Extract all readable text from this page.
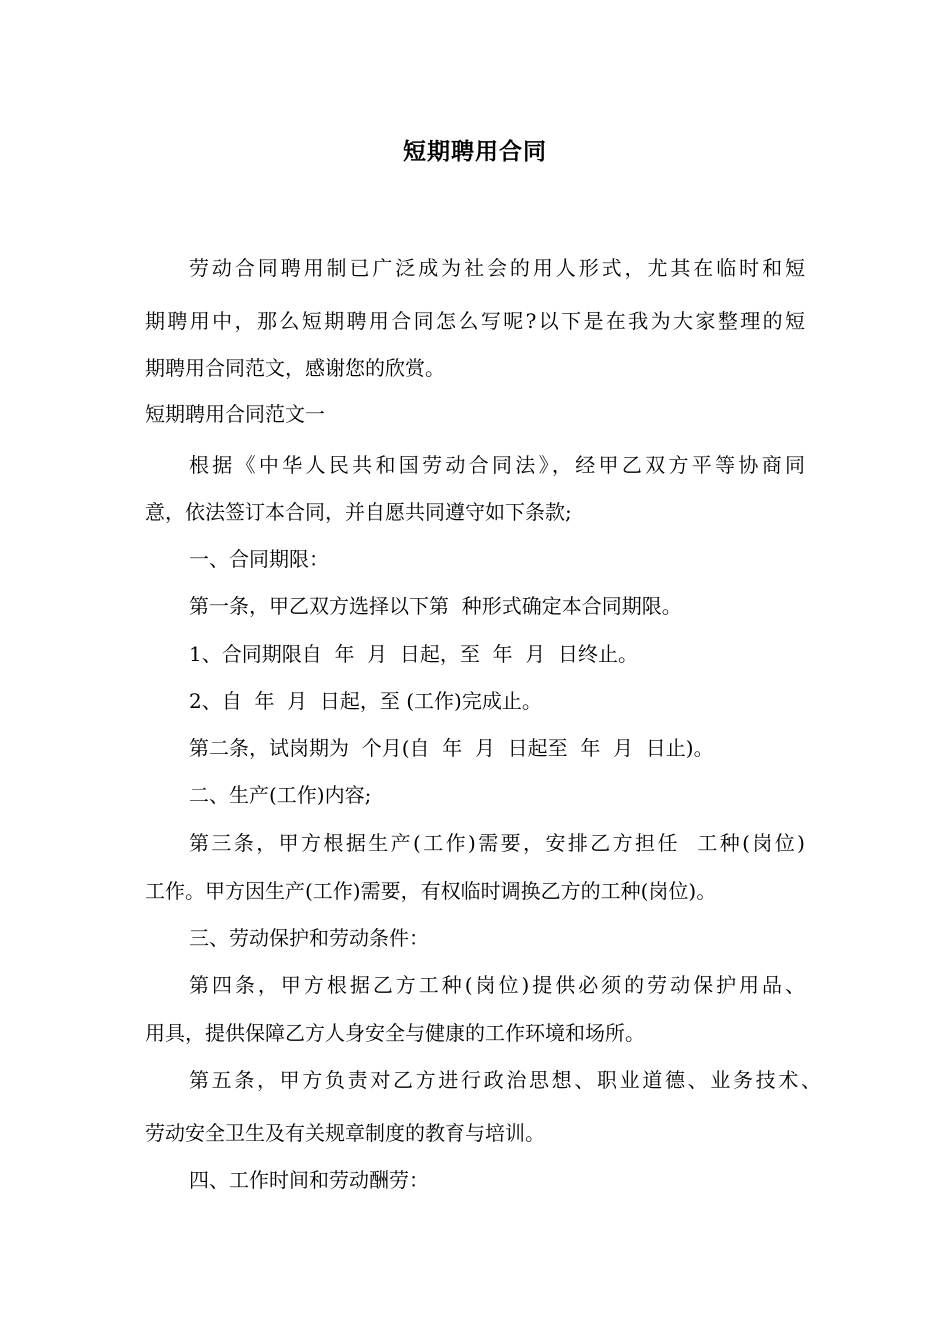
短期聘用合同
劳动合同聘用制已广泛成为社会的用人形式，尤其在临时和短
期聘用中，那么短期聘用合同怎么写呢?以下是在我为大家整理的短
期聘用合同范文，感谢您的欣赏。
短期聘用合同范文一
根据《中华人民共和国劳动合同法》，经甲乙双方平等协商同
意，依法签订本合同，并自愿共同遵守如下条款;
一、合同期限：
第一条，甲乙双方选择以下第  种形式确定本合同期限。
1、合同期限自  年  月  日起，至  年  月  日终止。
2、自  年  月  日起，至 (工作)完成止。
第二条，试岗期为  个月(自  年  月  日起至  年  月  日止)。
二、生产(工作)内容;
第三条，甲方根据生产(工作)需要，安排乙方担任  工种(岗位)
工作。甲方因生产(工作)需要，有权临时调换乙方的工种(岗位)。
三、劳动保护和劳动条件：
第四条，甲方根据乙方工种(岗位)提供必须的劳动保护用品、
用具，提供保障乙方人身安全与健康的工作环境和场所。
第五条，甲方负责对乙方进行政治思想、职业道德、业务技术、
劳动安全卫生及有关规章制度的教育与培训。
四、工作时间和劳动酬劳：
